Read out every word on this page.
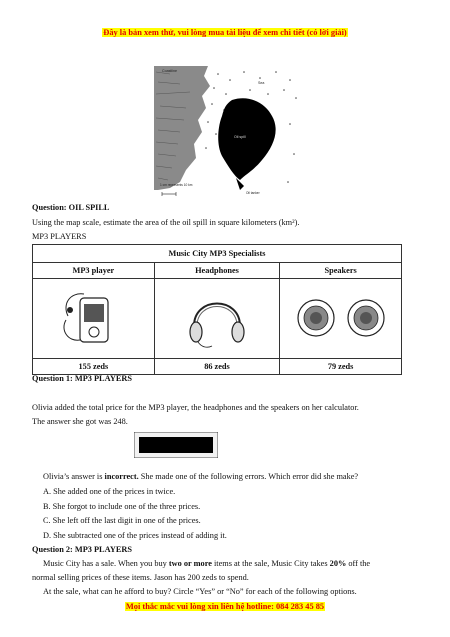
Đây là bản xem thử, vui lòng mua tài liệu để xem chi tiết (có lời giải)
Coastline
Sea
Oil spill
Oil tanker
1 cm represents 10 km
Question: OIL SPILL
Using the map scale, estimate the area of the oil spill in square kilometers (km²).
MP3 PLAYERS
Music City MP3 Specialists		
MP3 player	Headphones	Speakers

155 zeds	86 zeds	79 zeds
Question 1: MP3 PLAYERS
Olivia added the total price for the MP3 player, the headphones and the speakers on her calculator.
The answer she got was 248.
248
Olivia’s answer is incorrect. She made one of the following errors. Which error did she make?
A. She added one of the prices in twice.
B. She forgot to include one of the three prices.
C. She left off the last digit in one of the prices.
D. She subtracted one of the prices instead of adding it.
Question 2: MP3 PLAYERS
Music City has a sale. When you buy two or more items at the sale, Music City takes 20% off the
normal selling prices of these items. Jason has 200 zeds to spend.
At the sale, what can he afford to buy? Circle “Yes” or “No” for each of the following options.
Mọi thắc mắc vui lòng xin liên hệ hotline: 084 283 45 85
